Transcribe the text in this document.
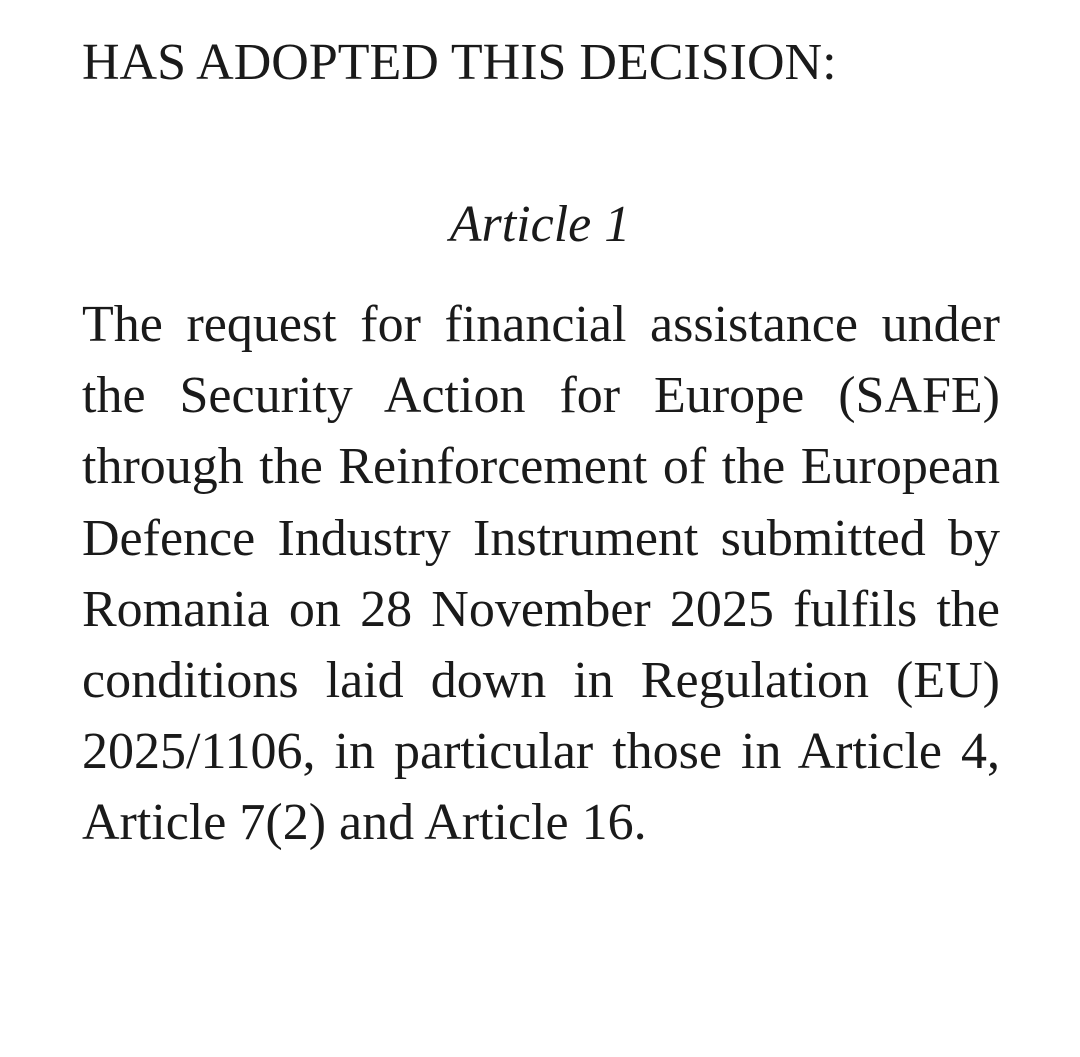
HAS ADOPTED THIS DECISION:
Article 1

The request for financial assistance under the Security Action for Europe (SAFE) through the Reinforcement of the European Defence Industry Instrument submitted by Romania on 28 November 2025 fulfils the conditions laid down in Regulation (EU) 2025/1106, in particular those in Article 4, Article 7(2) and Article 16.
